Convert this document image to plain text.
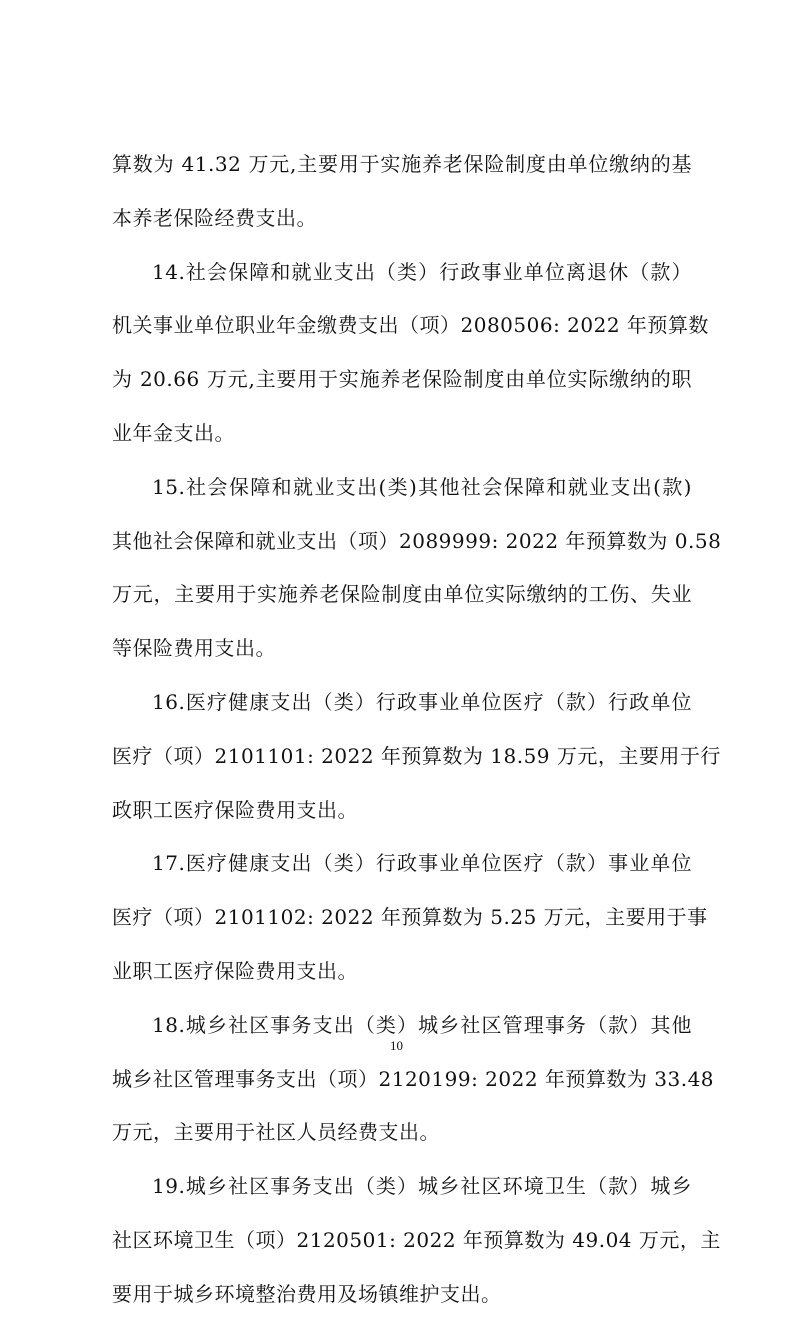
算数为 41.32 万元,主要用于实施养老保险制度由单位缴纳的基
本养老保险经费支出。
14.社会保障和就业支出（类）行政事业单位离退休（款）
机关事业单位职业年金缴费支出（项）2080506: 2022 年预算数
为 20.66 万元,主要用于实施养老保险制度由单位实际缴纳的职
业年金支出。
15.社会保障和就业支出(类)其他社会保障和就业支出(款)
其他社会保障和就业支出（项）2089999: 2022 年预算数为 0.58
万元，主要用于实施养老保险制度由单位实际缴纳的工伤、失业
等保险费用支出。
16.医疗健康支出（类）行政事业单位医疗（款）行政单位
医疗（项）2101101: 2022 年预算数为 18.59 万元，主要用于行
政职工医疗保险费用支出。
17.医疗健康支出（类）行政事业单位医疗（款）事业单位
医疗（项）2101102: 2022 年预算数为 5.25 万元，主要用于事
业职工医疗保险费用支出。
18.城乡社区事务支出（类）城乡社区管理事务（款）其他
城乡社区管理事务支出（项）2120199: 2022 年预算数为 33.48
万元，主要用于社区人员经费支出。
19.城乡社区事务支出（类）城乡社区环境卫生（款）城乡
社区环境卫生（项）2120501: 2022 年预算数为 49.04 万元，主
要用于城乡环境整治费用及场镇维护支出。
10
